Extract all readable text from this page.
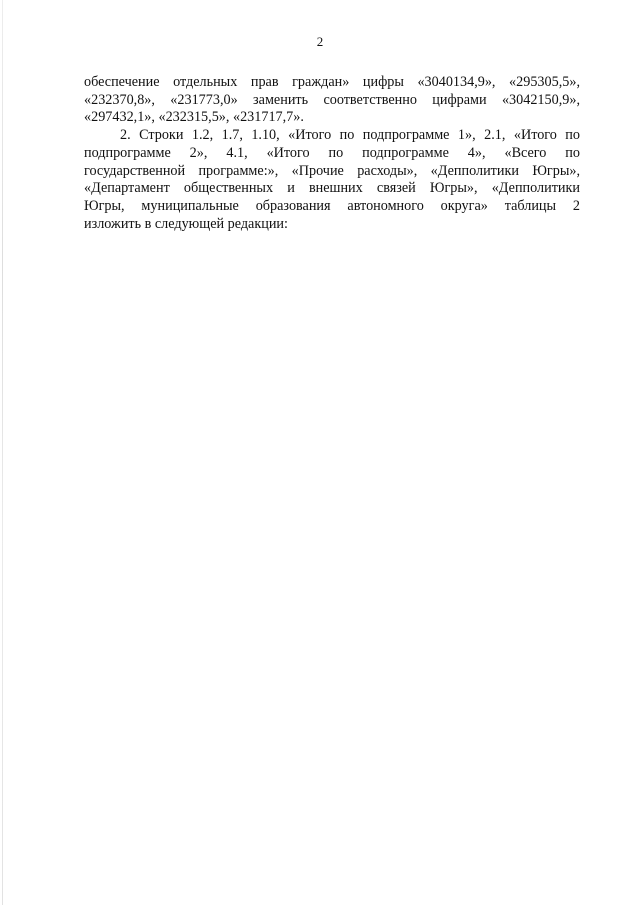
2
обеспечение отдельных прав граждан» цифры «3040134,9», «295305,5»,
«232370,8», «231773,0» заменить соответственно цифрами «3042150,9»,
«297432,1», «232315,5», «231717,7».
2. Строки 1.2, 1.7, 1.10, «Итого по подпрограмме 1», 2.1, «Итого по
подпрограмме 2», 4.1, «Итого по подпрограмме 4», «Всего по
государственной программе:», «Прочие расходы», «Депполитики Югры»,
«Департамент общественных и внешних связей Югры», «Депполитики
Югры, муниципальные образования автономного округа» таблицы 2
изложить в следующей редакции:
